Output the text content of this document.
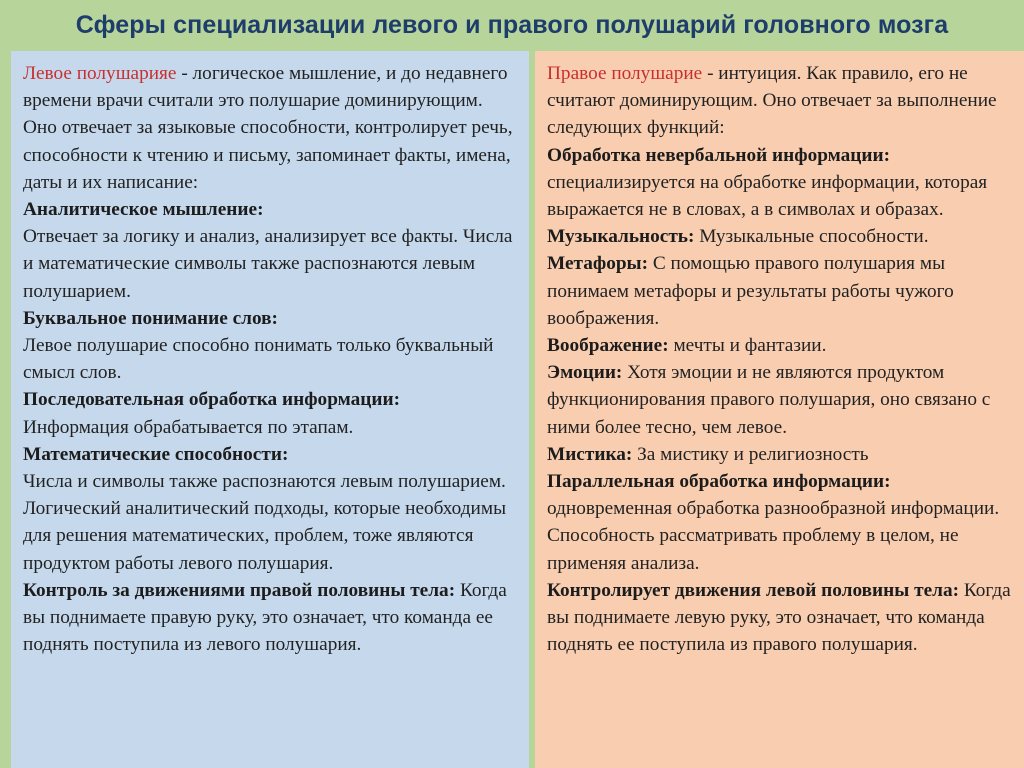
Сферы специализации левого и правого полушарий головного мозга

Левое полушарияе - логическое мышление, и до недавнего времени врачи считали это полушарие доминирующим. Оно отвечает за языковые способности, контролирует речь, способности к чтению и письму, запоминает факты, имена, даты и их написание:

Аналитическое мышление:
Отвечает за логику и анализ, анализирует все факты. Числа и математические символы также распознаются левым полушарием.

Буквальное понимание слов:
Левое полушарие способно понимать только буквальный смысл слов.

Последовательная обработка информации:
Информация обрабатывается по этапам.

Математические способности:
Числа и символы также распознаются левым полушарием. Логический аналитический подходы, которые необходимы для решения математических, проблем, тоже являются продуктом работы левого полушария.

Контроль за движениями правой половины тела: Когда вы поднимаете правую руку, это означает, что команда ее поднять поступила из левого полушария.

Правое полушарие - интуиция. Как правило, его не считают доминирующим. Оно отвечает за выполнение следующих функций:

Обработка невербальной информации:
специализируется на обработке информации, которая выражается не в словах, а в символах и образах.

Музыкальность: Музыкальные способности.

Метафоры: С помощью правого полушария мы понимаем метафоры и результаты работы чужого воображения.

Воображение: мечты и фантазии.

Эмоции: Хотя эмоции и не являются продуктом функционирования правого полушария, оно связано с ними более тесно, чем левое.

Мистика: За мистику и религиозность

Параллельная обработка информации:
одновременная обработка разнообразной информации. Способность рассматривать проблему в целом, не применяя анализа.

Контролирует движения левой половины тела: Когда вы поднимаете левую руку, это означает, что команда поднять ее поступила из правого полушария.
